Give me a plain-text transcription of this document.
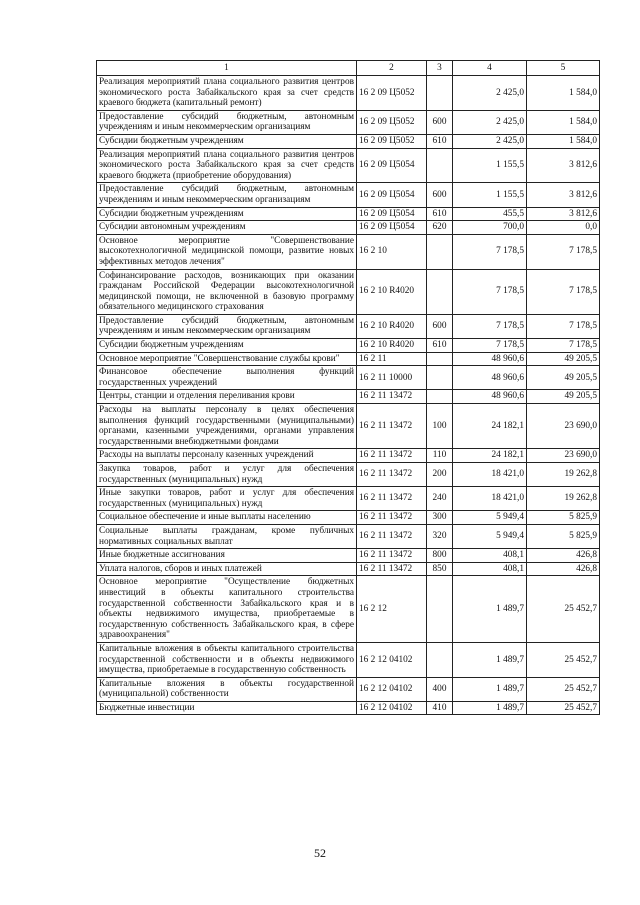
1	2	3	4	5
Реализация мероприятий плана социального развития центров экономического роста Забайкальского края за счет средств краевого бюджета (капитальный ремонт)	16 2 09 Ц5052		2 425,0	1 584,0
Предоставление субсидий бюджетным, автономным учреждениям и иным некоммерческим организациям	16 2 09 Ц5052	600	2 425,0	1 584,0
Субсидии бюджетным учреждениям	16 2 09 Ц5052	610	2 425,0	1 584,0
Реализация мероприятий плана социального развития центров экономического роста Забайкальского края за счет средств краевого бюджета (приобретение оборудования)	16 2 09 Ц5054		1 155,5	3 812,6
Предоставление субсидий бюджетным, автономным учреждениям и иным некоммерческим организациям	16 2 09 Ц5054	600	1 155,5	3 812,6
Субсидии бюджетным учреждениям	16 2 09 Ц5054	610	455,5	3 812,6
Субсидии автономным учреждениям	16 2 09 Ц5054	620	700,0	0,0
Основное мероприятие "Совершенствование высокотехнологичной медицинской помощи, развитие новых эффективных методов лечения"	16 2 10		7 178,5	7 178,5
Софинансирование расходов, возникающих при оказании гражданам Российской Федерации высокотехнологичной медицинской помощи, не включенной в базовую программу обязательного медицинского страхования	16 2 10 R4020		7 178,5	7 178,5
Предоставление субсидий бюджетным, автономным учреждениям и иным некоммерческим организациям	16 2 10 R4020	600	7 178,5	7 178,5
Субсидии бюджетным учреждениям	16 2 10 R4020	610	7 178,5	7 178,5
Основное мероприятие "Совершенствование службы крови"	16 2 11		48 960,6	49 205,5
Финансовое обеспечение выполнения функций государственных учреждений	16 2 11 10000		48 960,6	49 205,5
Центры, станции и отделения переливания крови	16 2 11 13472		48 960,6	49 205,5
Расходы на выплаты персоналу в целях обеспечения выполнения функций государственными (муниципальными) органами, казенными учреждениями, органами управления государственными внебюджетными фондами	16 2 11 13472	100	24 182,1	23 690,0
Расходы на выплаты персоналу казенных учреждений	16 2 11 13472	110	24 182,1	23 690,0
Закупка товаров, работ и услуг для обеспечения государственных (муниципальных) нужд	16 2 11 13472	200	18 421,0	19 262,8
Иные закупки товаров, работ и услуг для обеспечения государственных (муниципальных) нужд	16 2 11 13472	240	18 421,0	19 262,8
Социальное обеспечение и иные выплаты населению	16 2 11 13472	300	5 949,4	5 825,9
Социальные выплаты гражданам, кроме публичных нормативных социальных выплат	16 2 11 13472	320	5 949,4	5 825,9
Иные бюджетные ассигнования	16 2 11 13472	800	408,1	426,8
Уплата налогов, сборов и иных платежей	16 2 11 13472	850	408,1	426,8
Основное мероприятие "Осуществление бюджетных инвестиций в объекты капитального строительства государственной собственности Забайкальского края и в объекты недвижимого имущества, приобретаемые в государственную собственность Забайкальского края, в сфере здравоохранения"	16 2 12		1 489,7	25 452,7
Капитальные вложения в объекты капитального строительства государственной собственности и в объекты недвижимого имущества, приобретаемые в государственную собственность	16 2 12 04102		1 489,7	25 452,7
Капитальные вложения в объекты государственной (муниципальной) собственности	16 2 12 04102	400	1 489,7	25 452,7
Бюджетные инвестиции	16 2 12 04102	410	1 489,7	25 452,7
52
